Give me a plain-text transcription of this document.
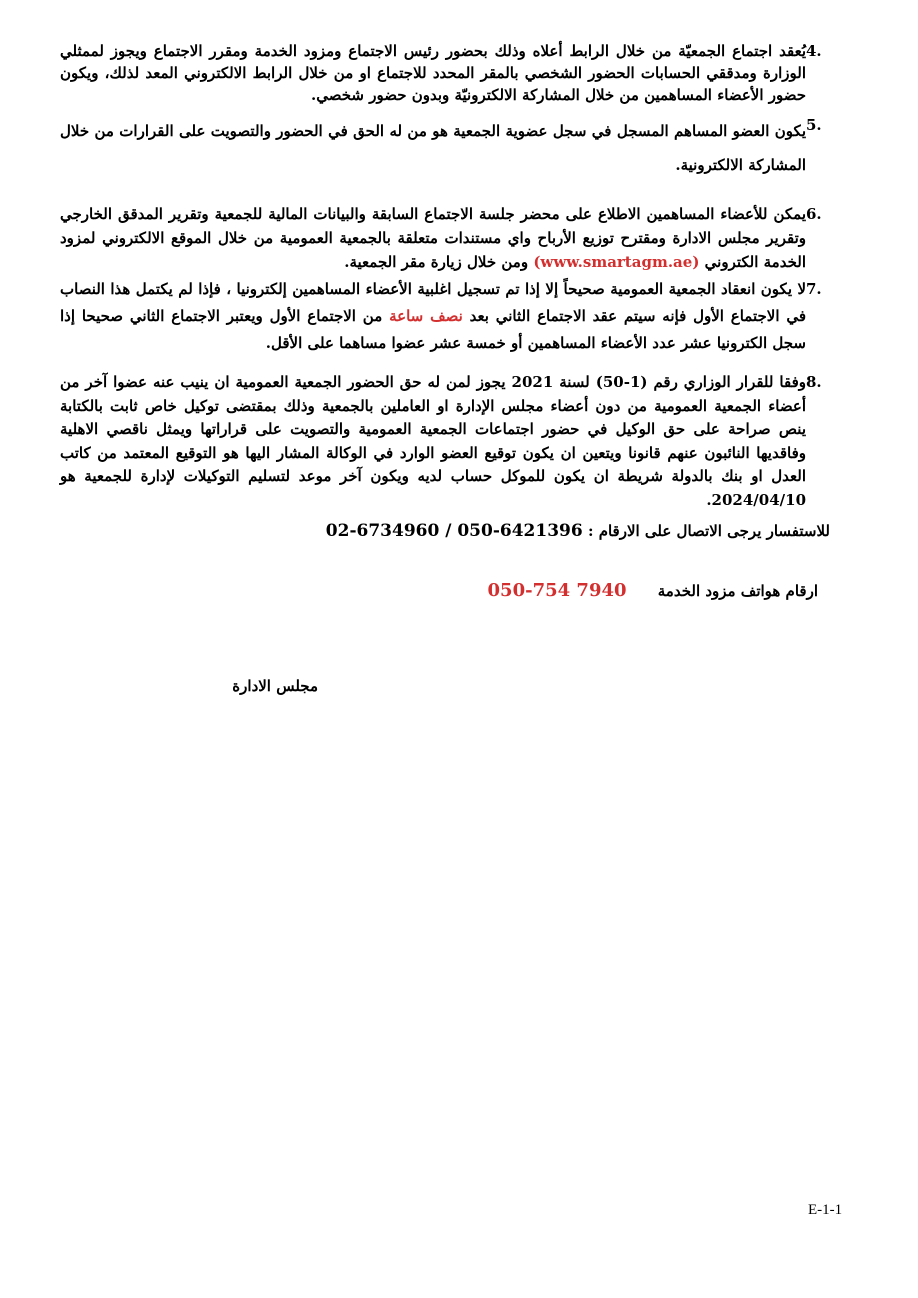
4.
يُعقد اجتماع الجمعيّة من خلال الرابط أعلاه وذلك بحضور رئيس الاجتماع ومزود الخدمة ومقرر الاجتماع ويجوز لممثلي الوزارة ومدققي الحسابات الحضور الشخصي بالمقر المحدد للاجتماع او من خلال الرابط الالكتروني المعد لذلك، ويكون حضور الأعضاء المساهمين من خلال المشاركة الالكترونيّة وبدون حضور شخصي.
5.
يكون العضو المساهم المسجل في سجل عضوية الجمعية هو من له الحق في الحضور والتصويت على القرارات من خلال المشاركة الالكترونية.
6.
يمكن للأعضاء المساهمين الاطلاع على محضر جلسة الاجتماع السابقة والبيانات المالية للجمعية وتقرير المدقق الخارجي وتقرير مجلس الادارة ومقترح توزيع الأرباح واي مستندات متعلقة بالجمعية العمومية من خلال الموقع الالكتروني لمزود الخدمة الكتروني (www.smartagm.ae) ومن خلال زيارة مقر الجمعية.
7.
لا يكون انعقاد الجمعية العمومية صحيحاً إلا إذا تم تسجيل اغلبية الأعضاء المساهمين إلكترونيا ، فإذا لم يكتمل هذا النصاب في الاجتماع الأول فإنه سيتم عقد الاجتماع الثاني بعد نصف ساعة من الاجتماع الأول ويعتبر الاجتماع الثاني صحيحا إذا سجل الكترونيا عشر عدد الأعضاء المساهمين أو خمسة عشر عضوا مساهما على الأقل.
8.
وفقا للقرار الوزاري رقم (1-50) لسنة 2021 يجوز لمن له حق الحضور الجمعية العمومية ان ينيب عنه عضوا آخر من أعضاء الجمعية العمومية من دون أعضاء مجلس الإدارة او العاملين بالجمعية وذلك بمقتضى توكيل خاص ثابت بالكتابة ينص صراحة على حق الوكيل في حضور اجتماعات الجمعية العمومية والتصويت على قراراتها ويمثل ناقصي الاهلية وفاقديها النائبون عنهم قانونا ويتعين ان يكون توقيع العضو الوارد في الوكالة المشار اليها هو التوقيع المعتمد من كاتب العدل او بنك بالدولة شريطة ان يكون للموكل حساب لديه ويكون آخر موعد لتسليم التوكيلات لإدارة للجمعية هو 2024/04/10.
للاستفسار يرجى الاتصال على الارقام : 02-6734960 / 050-6421396
ارقام هواتف مزود الخدمة 050-754 7940
مجلس الادارة
E-1-1
